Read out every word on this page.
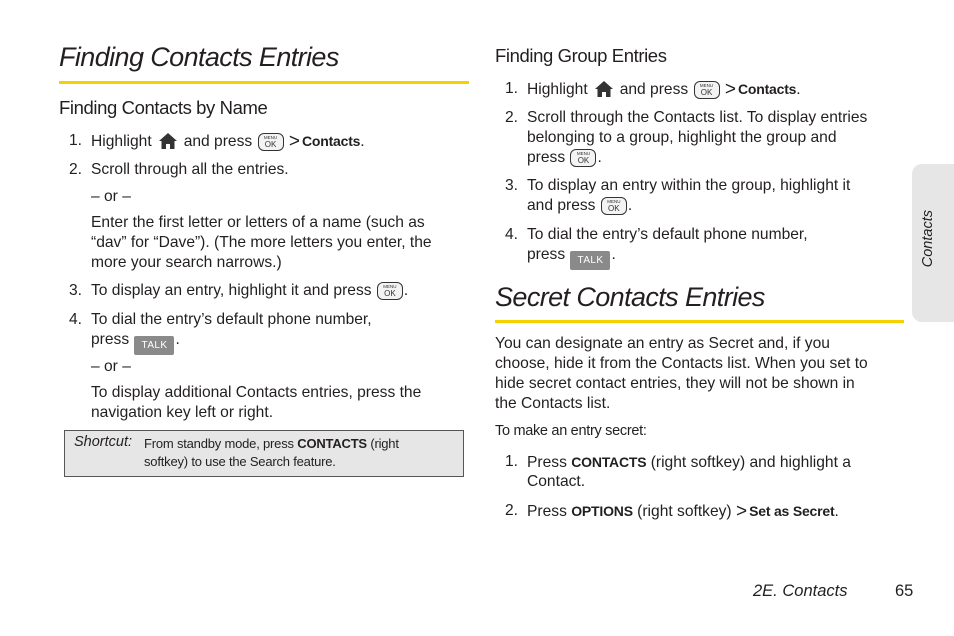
Finding Contacts Entries
Finding Contacts by Name
1. Highlight and press	MENU
OK > Contacts.
2. Scroll through all the entries.
– or –
Enter the first letter or letters of a name (such as
“dav” for “Dave”). (The more letters you enter, the
more your search narrows.)
3. To display an entry, highlight it and press	MENU
OK .
4. To dial the entry’s default phone number,
press TALK .
– or –
To display additional Contacts entries, press the
navigation key left or right.
Shortcut: From standby mode, press CONTACTS (right
softkey) to use the Search feature.
Finding Group Entries
1. Highlight and press	MENU
OK > Contacts.
2. Scroll through the Contacts list. To display entries
belonging to a group, highlight the group and
press	MENU
OK .
3. To display an entry within the group, highlight it
and press	MENU
OK .
4. To dial the entry’s default phone number,
press TALK .
Secret Contacts Entries
You can designate an entry as Secret and, if you
choose, hide it from the Contacts list. When you set to
hide secret contact entries, they will not be shown in
the Contacts list.
To make an entry secret:
1. Press CONTACTS (right softkey) and highlight a
Contact.
2. Press OPTIONS (right softkey) > Set as Secret.
Contacts
2E. Contacts	65
